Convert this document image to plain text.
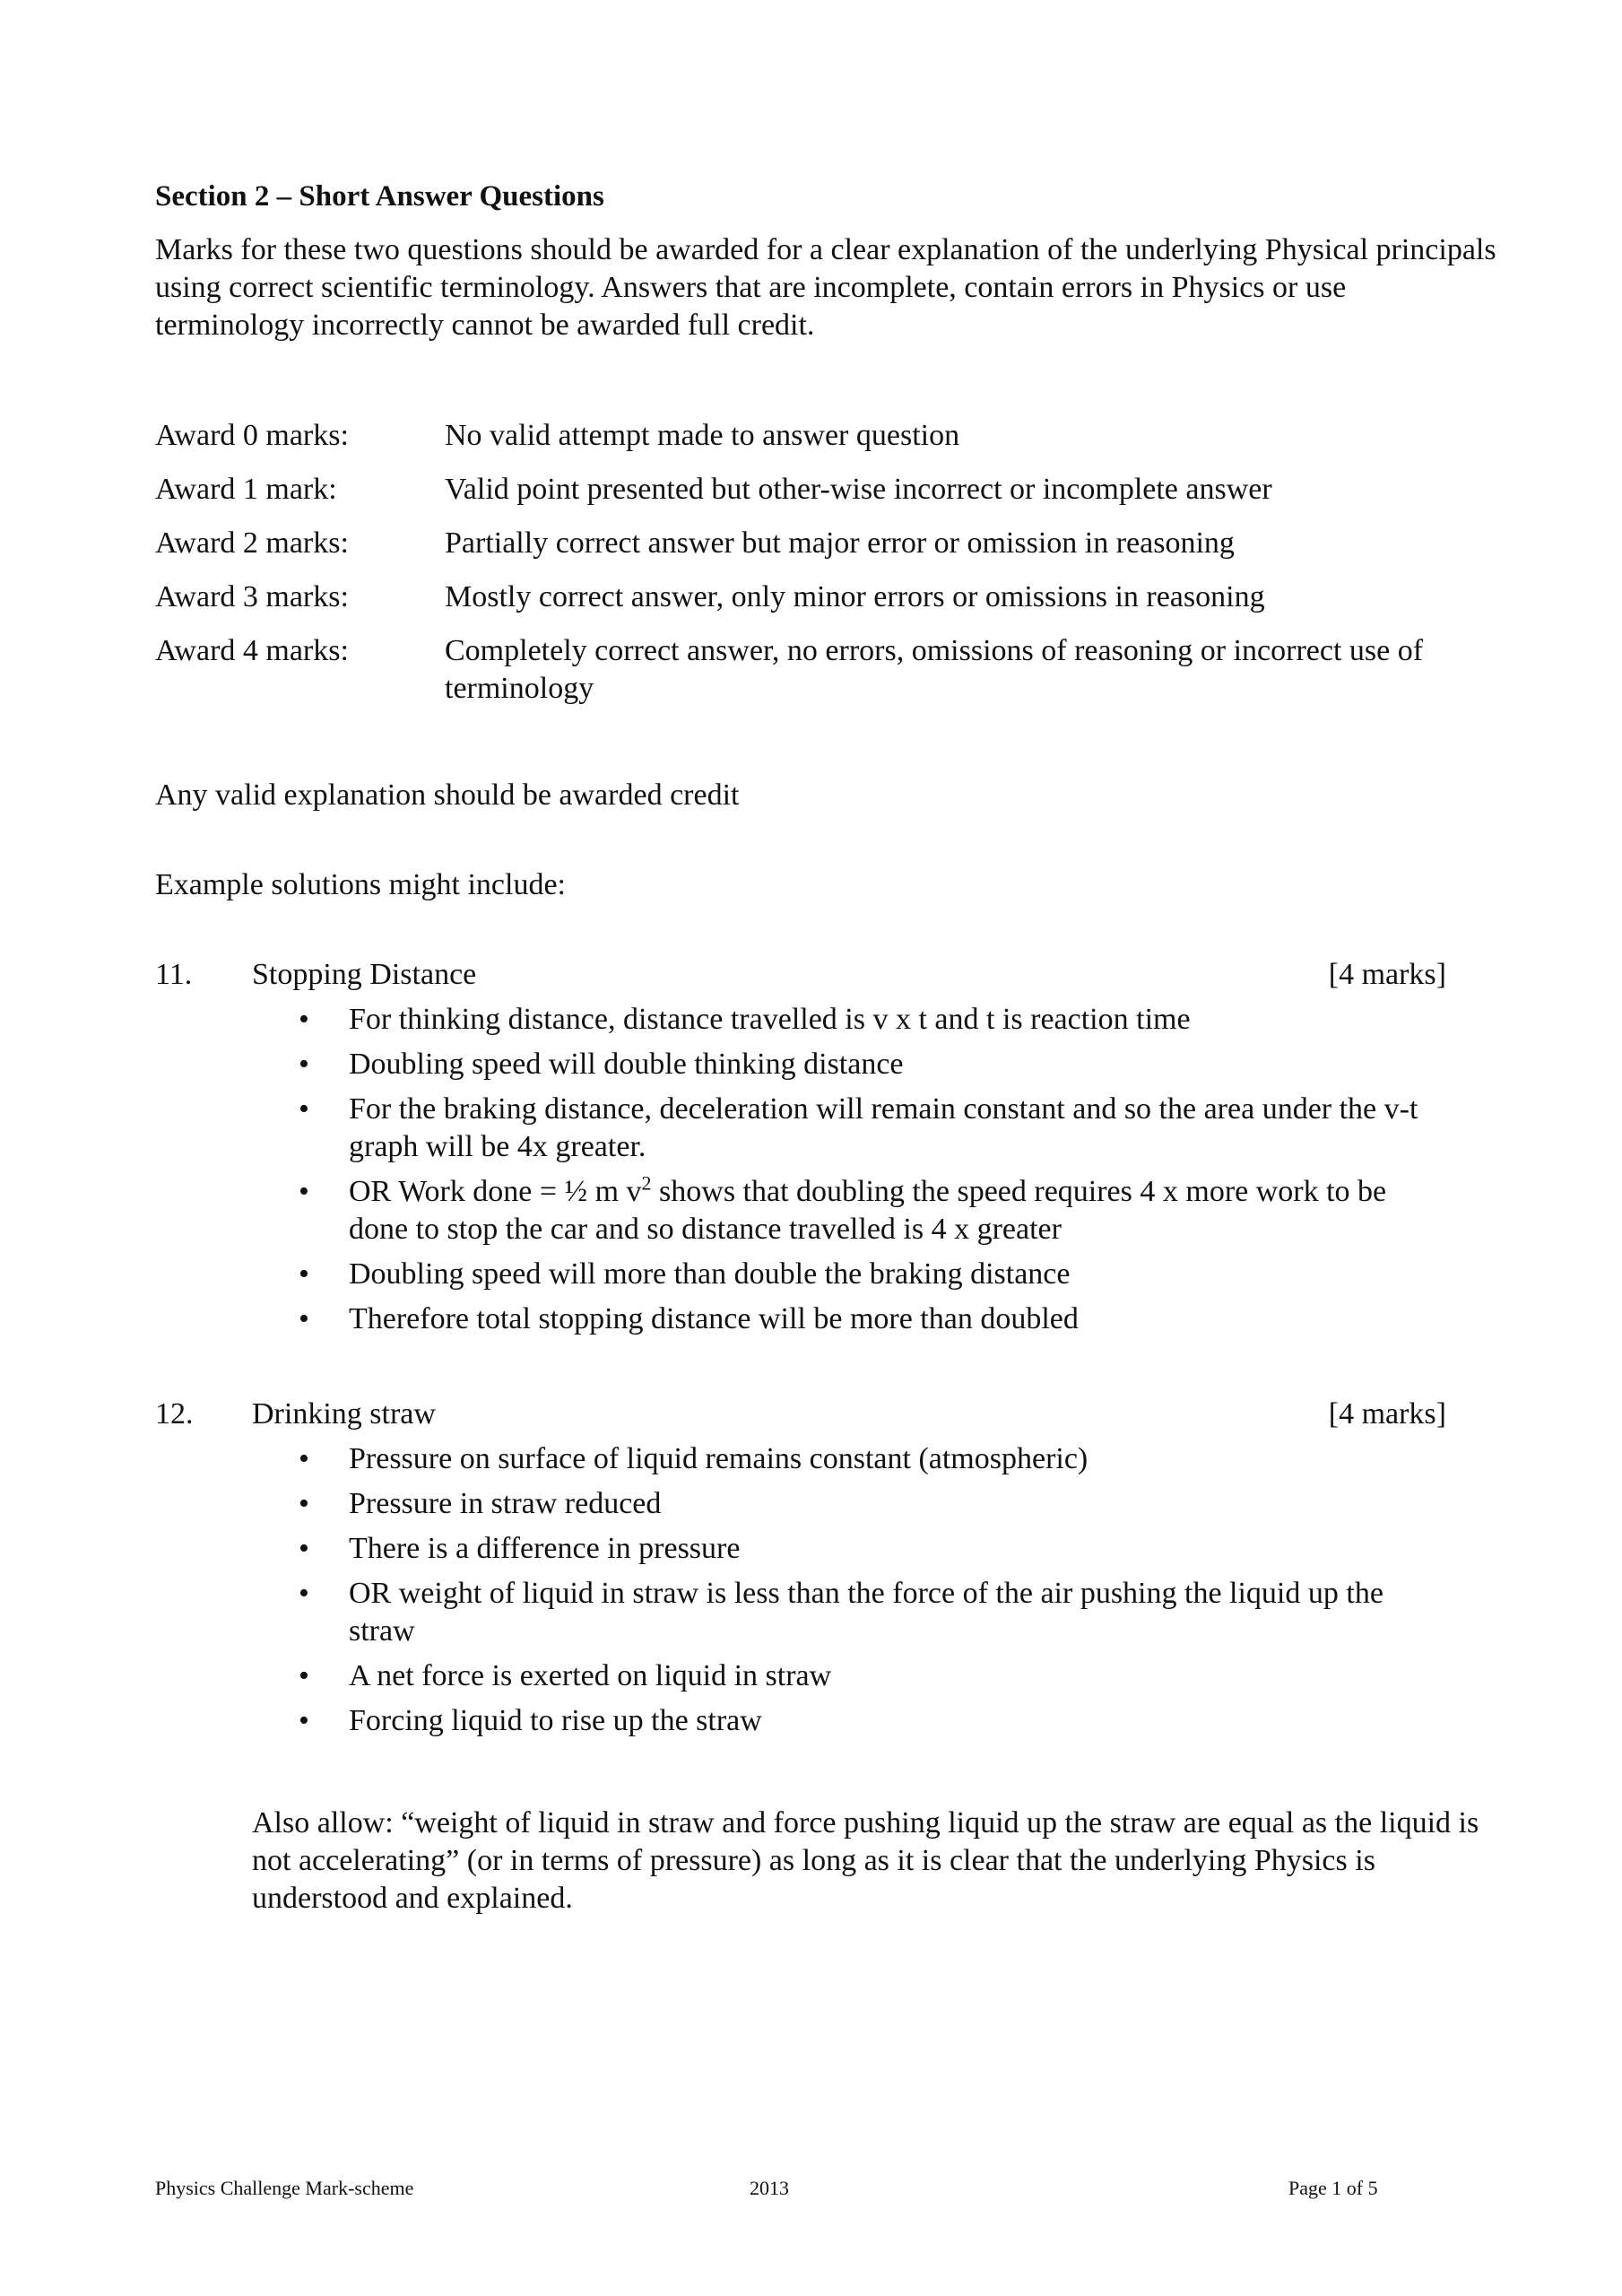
Section 2 – Short Answer Questions
Marks for these two questions should be awarded for a clear explanation of the underlying Physical principals using correct scientific terminology. Answers that are incomplete, contain errors in Physics or use terminology incorrectly cannot be awarded full credit.
Award 0 marks:	No valid attempt made to answer question
Award 1 mark:	Valid point presented but other-wise incorrect or incomplete answer
Award 2 marks:	Partially correct answer but major error or omission in reasoning
Award 3 marks:	Mostly correct answer, only minor errors or omissions in reasoning
Award 4 marks:	Completely correct answer, no errors, omissions of reasoning or incorrect use of terminology
Any valid explanation should be awarded credit
Example solutions might include:
11.	Stopping Distance	[4 marks]
• For thinking distance, distance travelled is v x t and t is reaction time
• Doubling speed will double thinking distance
• For the braking distance, deceleration will remain constant and so the area under the v-t graph will be 4x greater.
• OR Work done = ½ m $v^2$ shows that doubling the speed requires 4 x more work to be done to stop the car and so distance travelled is 4 x greater
• Doubling speed will more than double the braking distance
• Therefore total stopping distance will be more than doubled
12.	Drinking straw	[4 marks]
• Pressure on surface of liquid remains constant (atmospheric)
• Pressure in straw reduced
• There is a difference in pressure
• OR weight of liquid in straw is less than the force of the air pushing the liquid up the straw
• A net force is exerted on liquid in straw
• Forcing liquid to rise up the straw
Also allow: “weight of liquid in straw and force pushing liquid up the straw are equal as the liquid is not accelerating” (or in terms of pressure) as long as it is clear that the underlying Physics is understood and explained.
Physics Challenge Mark-scheme	2013	Page 1 of 5
